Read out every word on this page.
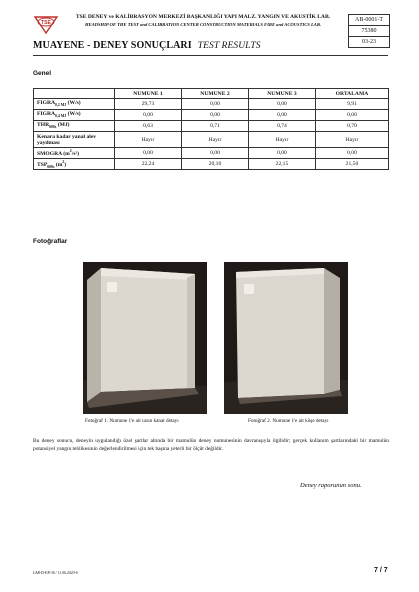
TSE
TSE DENEY ve KALİBRASYON MERKEZİ BAŞKANLIĞI YAPI MALZ. YANGIN VE AKUSTİK LAB.
HEADSHIP OF THE TEST and CALIBRATION CENTER CONSTRUCTION MATERIALS FIRE and ACOUSTICS LAB.
AB-0001-T
75380
03-23
MUAYENE - DENEY SONUÇLARI TEST RESULTS
Genel
	NUMUNE 1	NUMUNE 2	NUMUNE 3	ORTALAMA
$FIGRA_{0,2 MJ}$ (W/s)	29,73	0,00	0,00	9,91
$FIGRA_{0,4 MJ}$ (W/s)	0,00	0,00	0,00	0,00
$THR_{600s}$ (MJ)	0,63	0,71	0,74	0,70
Kenara kadar yanal alev yayılması	Hayır	Hayır	Hayır	Hayır
SMOGRA $(m^2/s^2)$	0,00	0,00	0,00	0,00
$TSP_{600s}$ $(m^2)$	22,24	20,10	22,15	21,50
Fotoğraflar
Fotoğraf 1. Numune 1'e ait uzun kanat detayı	Fotoğraf 2. Numune 1'e ait köşe detayı
Bu deney sonucu, deneyin uygulandığı özel şartlar altında bir mamulün deney numunesinin davranışıyla ilgilidir; gerçek kullanım şartlarındaki bir mamulün potansiyel yangın tehlikesinin değerlendirilmesi için tek başına yeterli bir ölçüt değildir.
Deney raporunun sonu.
LAB-D-FR-36 / 11.06.2020-6	7 / 7
